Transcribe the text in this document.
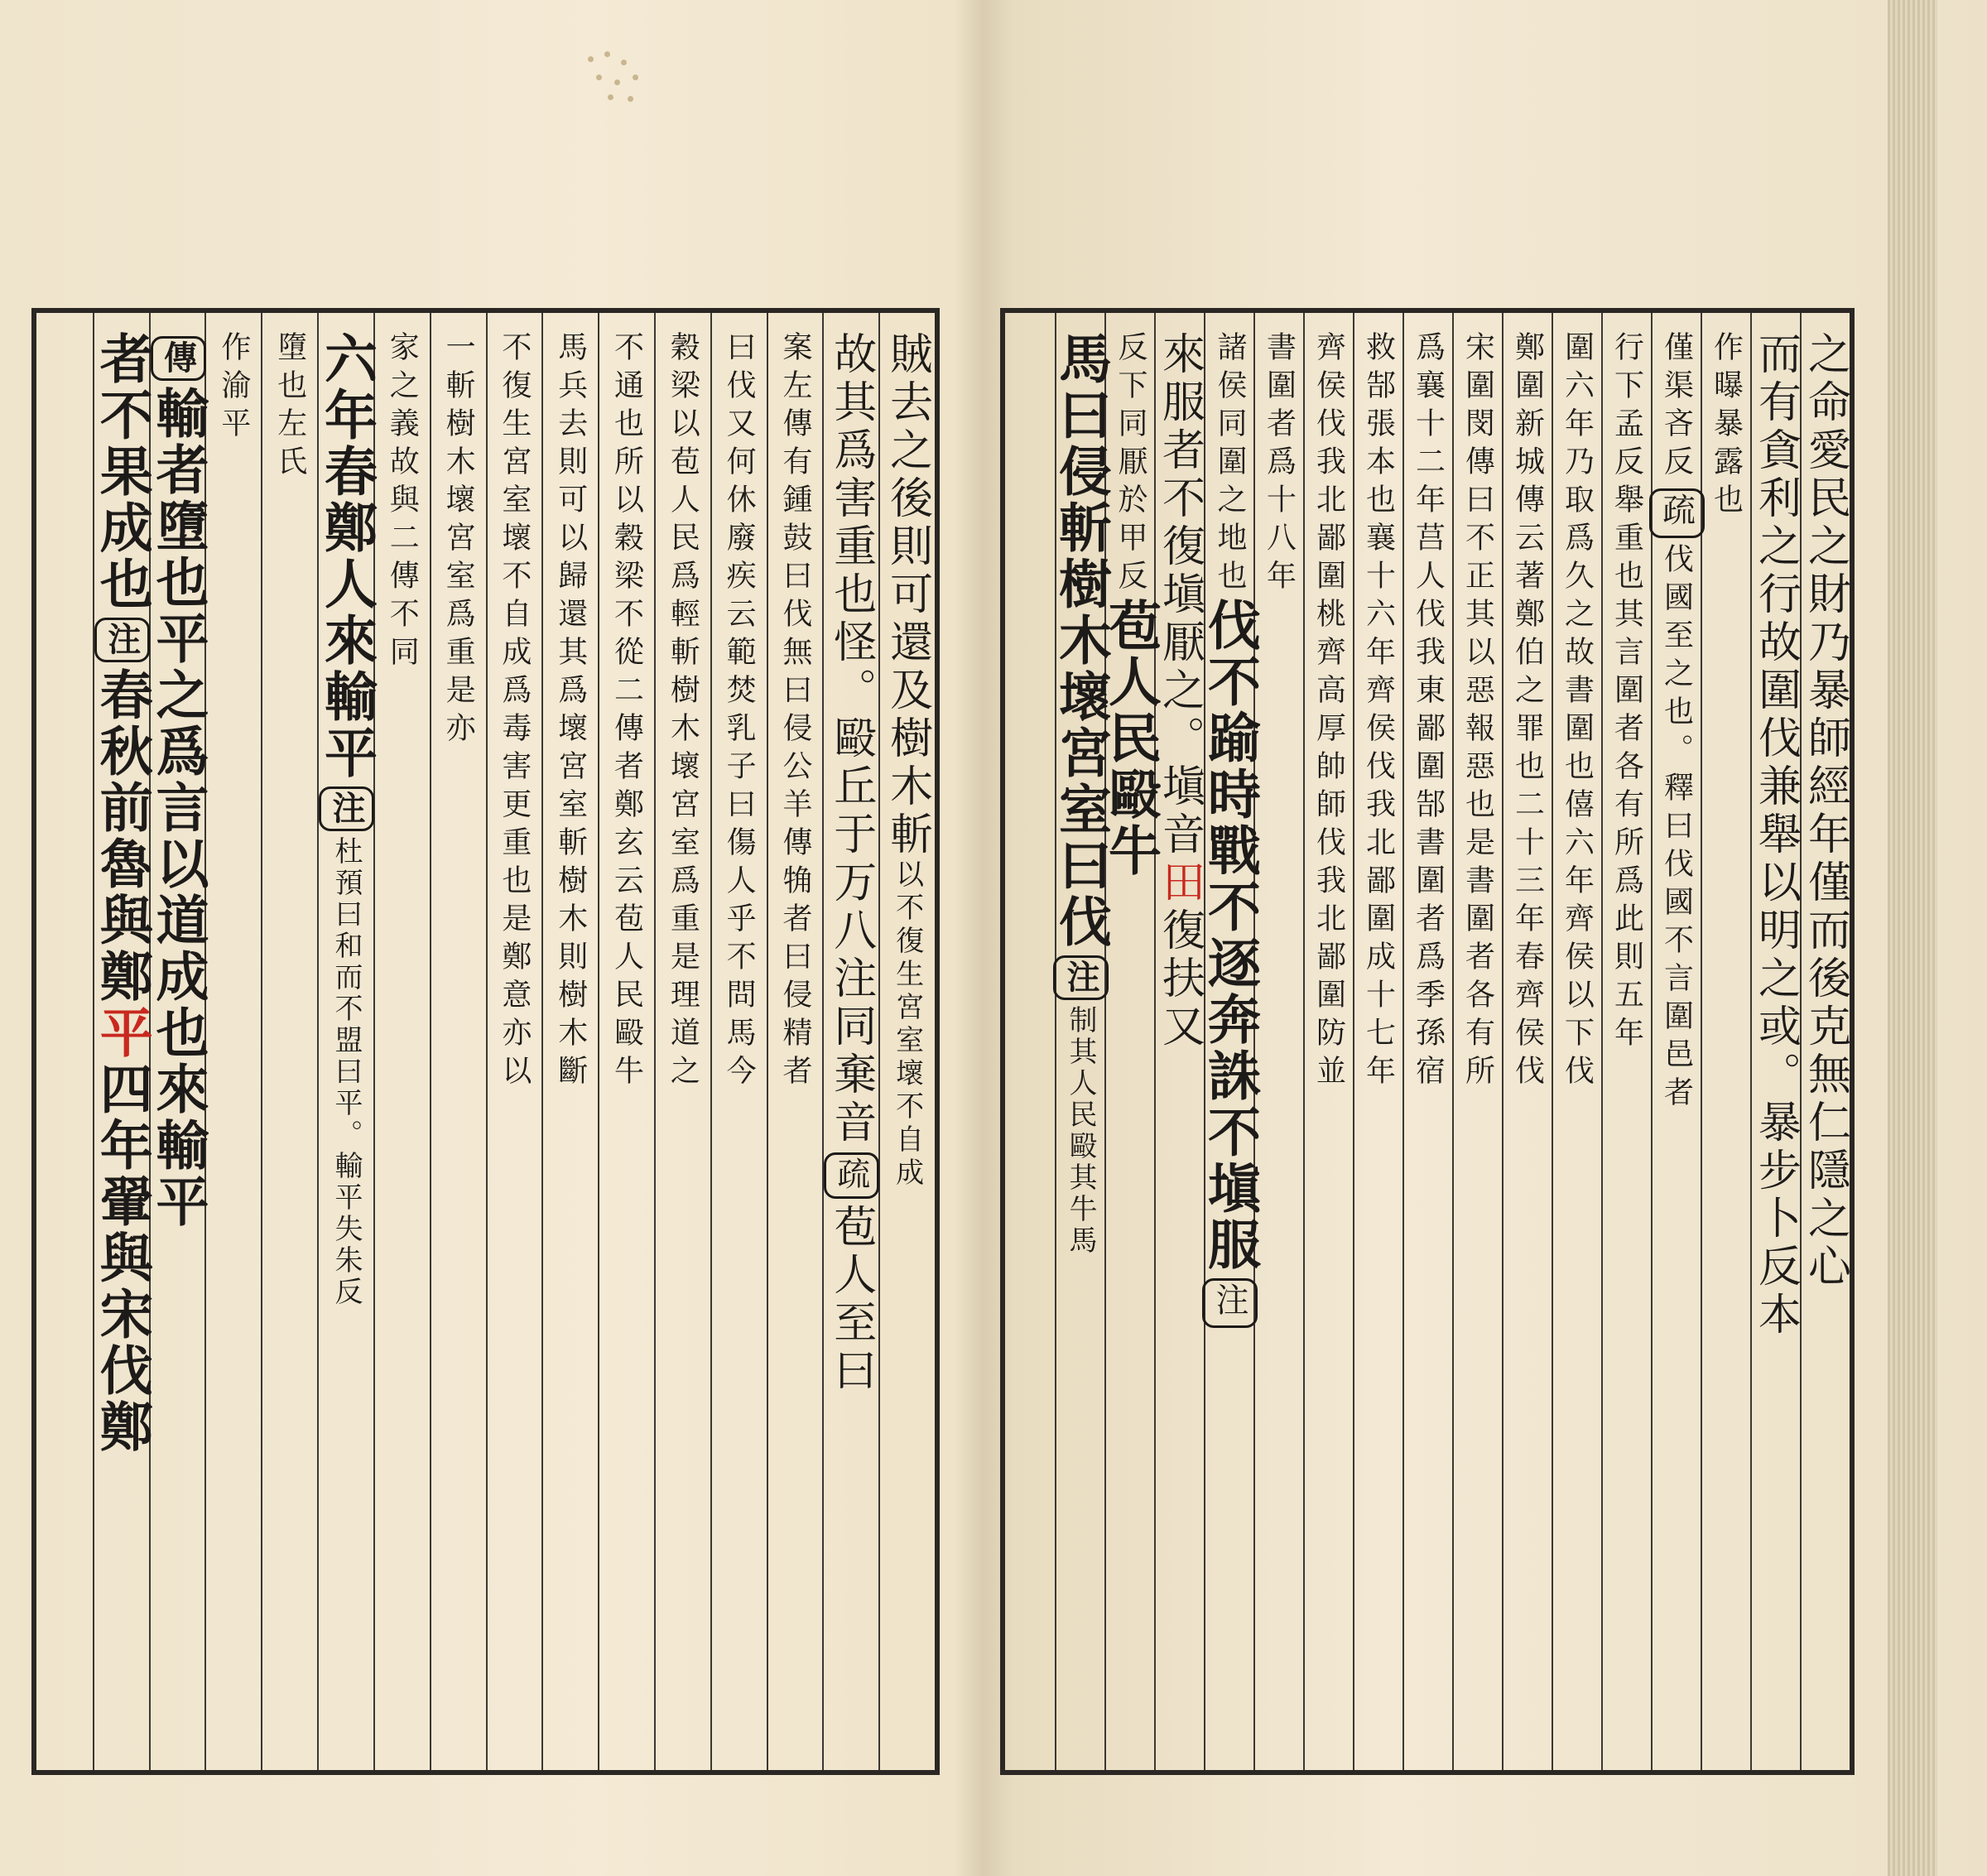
賊去之後則可還及樹木斬以不復生宮室壞不自成
故其爲害重也怪。毆丘于万八注同棄音疏苞人至曰
案左傳有鍾鼓曰伐無曰侵公羊傳觕者曰侵精者
曰伐又何休廢疾云範焚乳子曰傷人乎不問馬今
穀梁以苞人民爲輕斬樹木壞宮室爲重是理道之
不通也所以穀梁不從二傳者鄭玄云苞人民毆牛
馬兵去則可以歸還其爲壞宮室斬樹木則樹木斷
不復生宮室壞不自成爲毒害更重也是鄭意亦以
一斬樹木壞宮室爲重是亦
家之義故與二傳不同
六年春鄭人來輸平注杜預曰和而不盟曰平。輸平失朱反
墮也左氏
作渝平
傳輸者墮也平之爲言以道成也來輸平
者不果成也注春秋前魯與鄭平四年翬與宋伐鄭	之命愛民之財乃暴師經年僅而後克無仁隱之心
而有貪利之行故圍伐兼舉以明之或。暴步卜反本
作曝暴露也
僅渠吝反疏伐國至之也。釋曰伐國不言圍邑者
行下孟反舉重也其言圍者各有所爲此則五年
圍六年乃取爲久之故書圍也僖六年齊侯以下伐
鄭圍新城傳云著鄭伯之罪也二十三年春齊侯伐
宋圍閔傳曰不正其以惡報惡也是書圍者各有所
爲襄十二年莒人伐我東鄙圍郜書圍者爲季孫宿
救郜張本也襄十六年齊侯伐我北鄙圍成十七年
齊侯伐我北鄙圍桃齊高厚帥師伐我北鄙圍防並
書圍者爲十八年
諸侯同圍之地也伐不踰時戰不逐奔誅不塡服注
來服者不復塡厭之。塡音田復扶又
反下同厭於甲反苞人民毆牛
馬曰侵斬樹木壞宮室曰伐注制其人民毆其牛馬
